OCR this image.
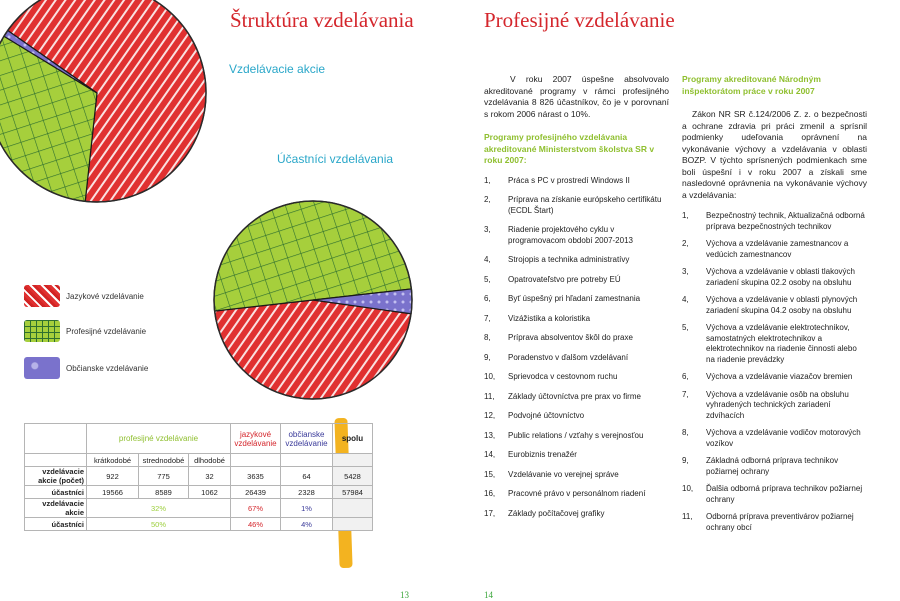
Štruktúra vzdelávania
Vzdelávacie akcie
Účastníci vzdelávania
Jazykové vzdelávanie
Profesijné vzdelávanie
Občianske vzdelávanie
	profesijné vzdelávanie			jazykové vzdelávanie	občianske vzdelávanie	spolu
	krátkodobé	strednodobé	dlhodobé			
vzdelávacie akcie (počet)	922	775	32	3635	64	5428
účastníci	19566	8589	1062	26439	2328	57984
vzdelávacie akcie	32%			67%	1%	
účastníci	50%			46%	4%	
13
Profesijné vzdelávanie

V roku 2007 úspešne absolvovalo akreditované programy v rámci profesijného vzdelávania 8 826 účastníkov, čo je v porovnaní s rokom 2006 nárast o 10%.

Programy profesijného vzdelávania akreditované Ministerstvom školstva SR v roku 2007:

1,	Práca s PC v prostredí Windows II
2,	Príprava na získanie európskeho certifikátu (ECDL Štart)
3,	Riadenie projektového cyklu v programovacom období 2007-2013
4,	Strojopis a technika administratívy
5,	Opatrovateľstvo pre potreby EÚ
6,	Byť úspešný pri hľadaní zamestnania
7,	Vizážistika a koloristika
8,	Príprava absolventov škôl do praxe
9,	Poradenstvo v ďalšom vzdelávaní
10,	Sprievodca v cestovnom ruchu
11,	Základy účtovníctva pre prax vo firme
12,	Podvojné účtovníctvo
13,	Public relations / vzťahy s verejnosťou
14,	Eurobiznis trenažér
15,	Vzdelávanie vo verejnej správe
16,	Pracovné právo v personálnom riadení
17,	Základy počítačovej grafiky

Programy akreditované Národným inšpektorátom práce v roku 2007

Zákon NR SR č.124/2006 Z. z. o bezpečnosti a ochrane zdravia pri práci zmenil a sprísnil podmienky udeľovania oprávnení na vykonávanie výchovy a vzdelávania v oblasti BOZP. V týchto sprísnených podmienkach sme boli úspešní i v roku 2007 a získali sme nasledovné oprávnenia na vykonávanie výchovy a vzdelávania:

1,	Bezpečnostný technik, Aktualizačná odborná príprava bezpečnostných technikov
2,	Výchova a vzdelávanie zamestnancov a vedúcich zamestnancov
3,	Výchova a vzdelávanie v oblasti tlakových zariadení skupina 02.2 osoby na obsluhu
4,	Výchova a vzdelávanie v oblasti plynových zariadení skupina 04.2 osoby na obsluhu
5,	Výchova a vzdelávanie elektrotechnikov, samostatných elektrotechnikov a elektrotechnikov na riadenie činnosti alebo na riadenie prevádzky
6,	Výchova a vzdelávanie viazačov bremien
7,	Výchova a vzdelávanie osôb na obsluhu vyhradených technických zariadení zdvíhacích
8,	Výchova a vzdelávanie vodičov motorových vozíkov
9,	Základná odborná príprava technikov požiarnej ochrany
10,	Ďalšia odborná príprava technikov požiarnej ochrany
11,	Odborná príprava preventivárov požiarnej ochrany obcí
14
